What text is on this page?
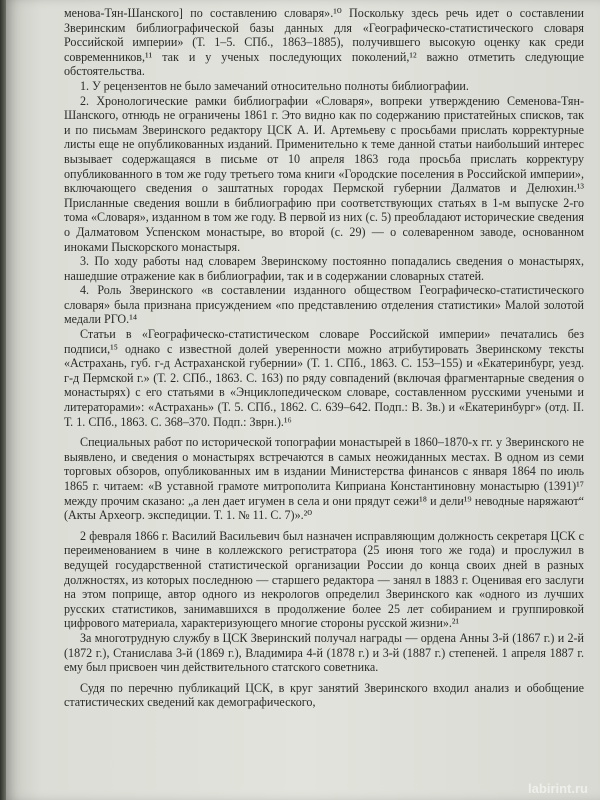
менова-Тян-Шанского] по составлению словаря».¹⁰ Поскольку здесь речь идет о составлении Зверинским библиографической базы данных для «Географическо-статистического словаря Российской империи» (Т. 1–5. СПб., 1863–1885), получившего высокую оценку как среди современников,¹¹ так и у ученых последующих поколений,¹² важно отметить следующие обстоятельства.

1. У рецензентов не было замечаний относительно полноты библиографии.

2. Хронологические рамки библиографии «Словаря», вопреки утверждению Семенова-Тян-Шанского, отнюдь не ограничены 1861 г. Это видно как по содержанию пристатейных списков, так и по письмам Зверинского редактору ЦСК А. И. Артемьеву с просьбами прислать корректурные листы еще не опубликованных изданий. Применительно к теме данной статьи наибольший интерес вызывает содержащаяся в письме от 10 апреля 1863 года просьба прислать корректуру опубликованного в том же году третьего тома книги «Городские поселения в Российской империи», включающего сведения о заштатных городах Пермской губернии Далматов и Делюхин.¹³ Присланные сведения вошли в библиографию при соответствующих статьях в 1-м выпуске 2-го тома «Словаря», изданном в том же году. В первой из них (с. 5) преобладают исторические сведения о Далматовом Успенском монастыре, во второй (с. 29) — о солеваренном заводе, основанном иноками Пыскорского монастыря.

3. По ходу работы над словарем Зверинскому постоянно попадались сведения о монастырях, нашедшие отражение как в библиографии, так и в содержании словарных статей.

4. Роль Зверинского «в составлении изданного обществом Географическо-статистического словаря» была признана присуждением «по представлению отделения статистики» Малой золотой медали РГО.¹⁴

Статьи в «Географическо-статистическом словаре Российской империи» печатались без подписи,¹⁵ однако с известной долей уверенности можно атрибутировать Зверинскому тексты «Астрахань, губ. г-д Астраханской губернии» (Т. 1. СПб., 1863. С. 153–155) и «Екатеринбург, уезд. г-д Пермской г.» (Т. 2. СПб., 1863. С. 163) по ряду совпадений (включая фрагментарные сведения о монастырях) с его статьями в «Энциклопедическом словаре, составленном русскими учеными и литераторами»: «Астрахань» (Т. 5. СПб., 1862. С. 639–642. Подп.: В. Зв.) и «Екатеринбург» (отд. II. Т. 1. СПб., 1863. С. 368–370. Подп.: Зврн.).¹⁶

Специальных работ по исторической топографии монастырей в 1860–1870-х гг. у Зверинского не выявлено, и сведения о монастырях встречаются в самых неожиданных местах. В одном из семи торговых обзоров, опубликованных им в издании Министерства финансов с января 1864 по июль 1865 г. читаем: «В уставной грамоте митрополита Киприана Константиновну монастырю (1391)¹⁷ между прочим сказано: „а лен дает игумен в села и они прядут сежи¹⁸ и дели¹⁹ неводные наряжают“ (Акты Археогр. экспедиции. Т. 1. № 11. С. 7)».²⁰

2 февраля 1866 г. Василий Васильевич был назначен исправляющим должность секретаря ЦСК с переименованием в чине в коллежского регистратора (25 июня того же года) и прослужил в ведущей государственной статистической организации России до конца своих дней в разных должностях, из которых последнюю — старшего редактора — занял в 1883 г. Оценивая его заслуги на этом поприще, автор одного из некрологов определил Зверинского как «одного из лучших русских статистиков, занимавшихся в продолжение более 25 лет собиранием и группировкой цифрового материала, характеризующего многие стороны русской жизни».²¹

За многотрудную службу в ЦСК Зверинский получал награды — ордена Анны 3-й (1867 г.) и 2-й (1872 г.), Станислава 3-й (1869 г.), Владимира 4-й (1878 г.) и 3-й (1887 г.) степеней. 1 апреля 1887 г. ему был присвоен чин действительного статского советника.

Судя по перечню публикаций ЦСК, в круг занятий Зверинского входил анализ и обобщение статистических сведений как демографического,

labirint.ru
